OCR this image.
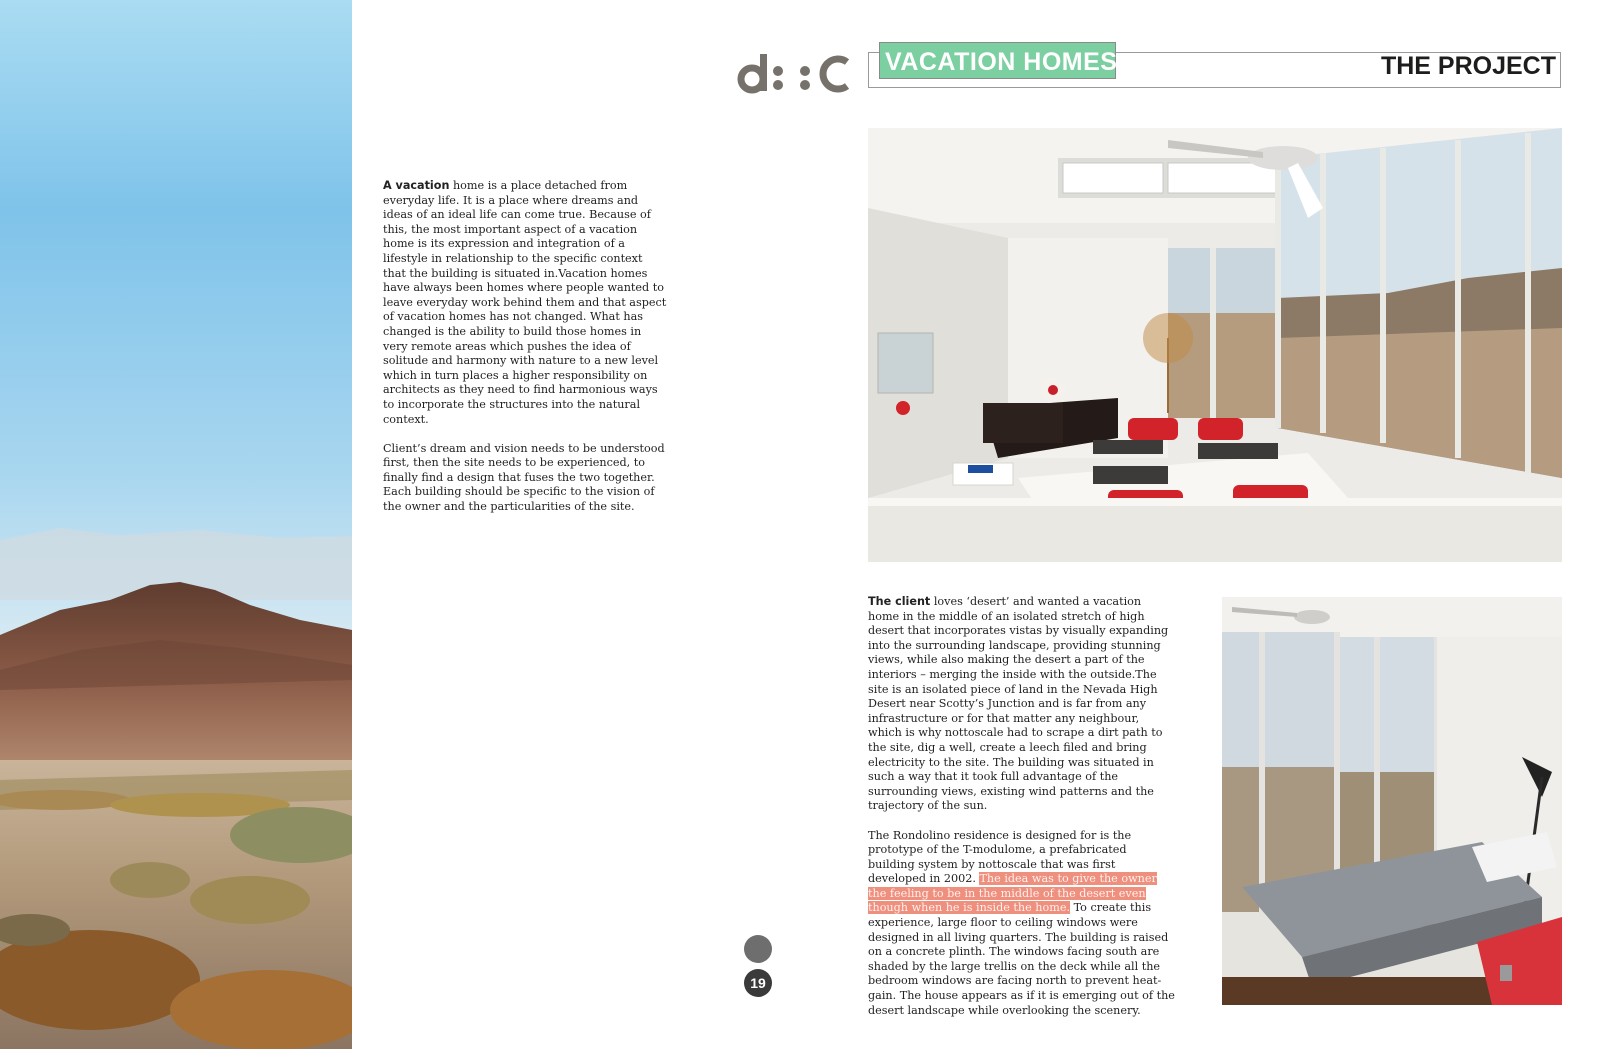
VACATION HOMES	THE PROJECT

A vacation home is a place detached from everyday life. It is a place where dreams and ideas of an ideal life can come true. Because of this, the most important aspect of a vacation home is its expression and integration of a lifestyle in relationship to the specific context that the building is situated in.Vacation homes have always been homes where people wanted to leave everyday work behind them and that aspect of vacation homes has not changed. What has changed is the ability to build those homes in very remote areas which pushes the idea of solitude and harmony with nature to a new level which in turn places a higher responsibility on architects as they need to find harmonious ways to incorporate the structures into the natural context.

Client’s dream and vision needs to be understood first, then the site needs to be experienced, to finally find a design that fuses the two together. Each building should be specific to the vision of the owner and the particularities of the site.

The client loves ‘desert’ and wanted a vacation home in the middle of an isolated stretch of high desert that incorporates vistas by visually expanding into the surrounding landscape, providing stunning views, while also making the desert a part of the interiors – merging the inside with the outside.The site is an isolated piece of land in the Nevada High Desert near Scotty’s Junction and is far from any infrastructure or for that matter any neighbour, which is why nottoscale had to scrape a dirt path to the site, dig a well, create a leech filed and bring electricity to the site. The building was situated in such a way that it took full advantage of the surrounding views, existing wind patterns and the trajectory of the sun.

The Rondolino residence is designed for is the prototype of the T-modulome, a prefabricated building system by nottoscale that was first developed in 2002. The idea was to give the owner the feeling to be in the middle of the desert even though when he is inside the home. To create this experience, large floor to ceiling windows were designed in all living quarters. The building is raised on a concrete plinth. The windows facing south are shaded by the large trellis on the deck while all the bedroom windows are facing north to prevent heat-gain. The house appears as if it is emerging out of the desert landscape while overlooking the scenery.

19
